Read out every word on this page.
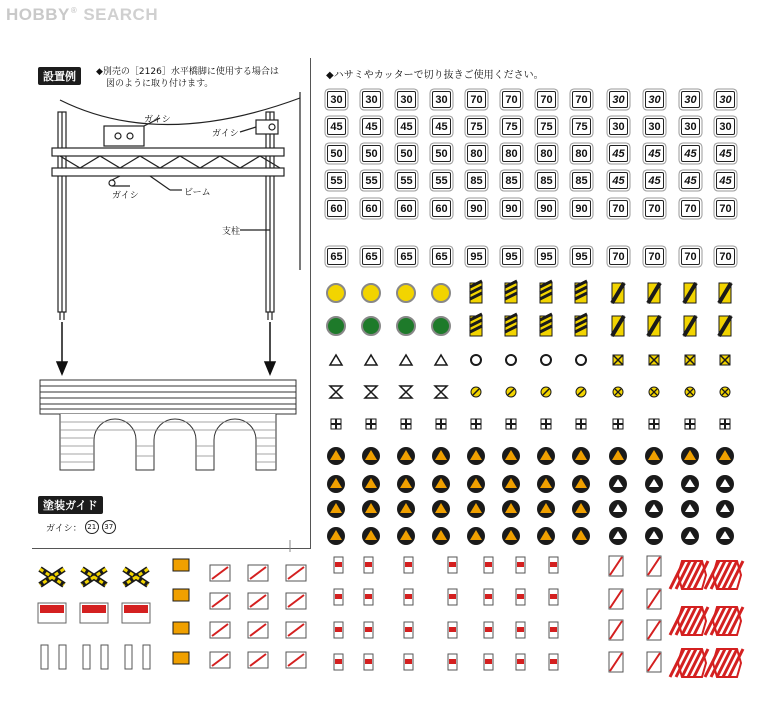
HOBBY ® SEARCH
設置例	◆別売の［2126］水平橋脚に使用する場合は
図のように取り付けます。
ガイシ
ガイシ
ガイシ	ビーム
支柱
塗装ガイド
ガイシ： 21	37
◆ハサミやカッターで切り抜きご使用ください。
30	30	30	30	70	70	70	70	30	30	30	30
45	45	45	45	75	75	75	75	30	30	30	30
50	50	50	50	80	80	80	80	45	45	45	45
55	55	55	55	85	85	85	85	45	45	45	45
60	60	60	60	90	90	90	90	70	70	70	70
65	65	65	65	95	95	95	95	70	70	70	70
